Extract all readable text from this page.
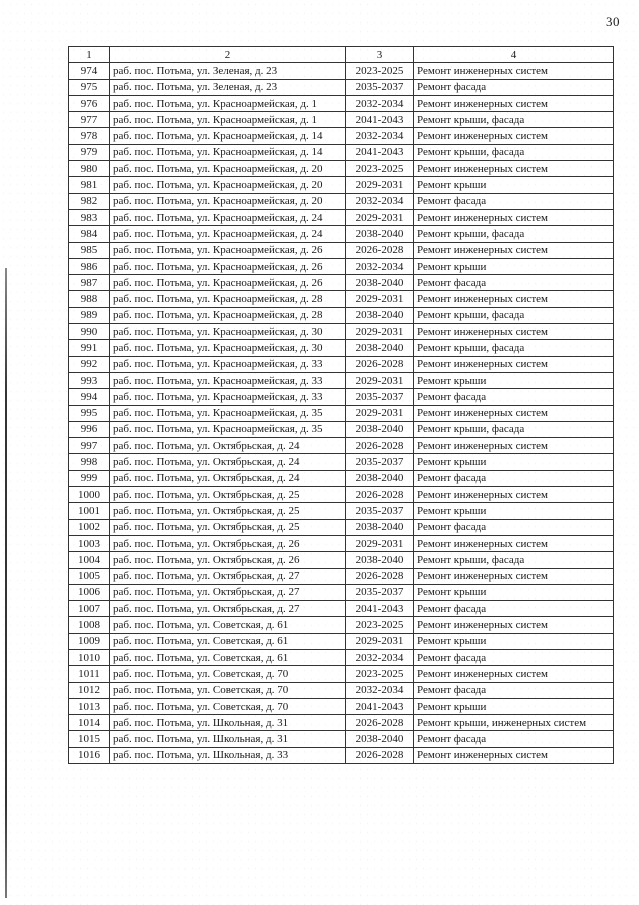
30
1	2	3	4
974	раб. пос. Потьма, ул. Зеленая, д. 23	2023-2025	Ремонт инженерных систем
975	раб. пос. Потьма, ул. Зеленая, д. 23	2035-2037	Ремонт фасада
976	раб. пос. Потьма, ул. Красноармейская, д. 1	2032-2034	Ремонт инженерных систем
977	раб. пос. Потьма, ул. Красноармейская, д. 1	2041-2043	Ремонт крыши, фасада
978	раб. пос. Потьма, ул. Красноармейская, д. 14	2032-2034	Ремонт инженерных систем
979	раб. пос. Потьма, ул. Красноармейская, д. 14	2041-2043	Ремонт крыши, фасада
980	раб. пос. Потьма, ул. Красноармейская, д. 20	2023-2025	Ремонт инженерных систем
981	раб. пос. Потьма, ул. Красноармейская, д. 20	2029-2031	Ремонт крыши
982	раб. пос. Потьма, ул. Красноармейская, д. 20	2032-2034	Ремонт фасада
983	раб. пос. Потьма, ул. Красноармейская, д. 24	2029-2031	Ремонт инженерных систем
984	раб. пос. Потьма, ул. Красноармейская, д. 24	2038-2040	Ремонт крыши, фасада
985	раб. пос. Потьма, ул. Красноармейская, д. 26	2026-2028	Ремонт инженерных систем
986	раб. пос. Потьма, ул. Красноармейская, д. 26	2032-2034	Ремонт крыши
987	раб. пос. Потьма, ул. Красноармейская, д. 26	2038-2040	Ремонт фасада
988	раб. пос. Потьма, ул. Красноармейская, д. 28	2029-2031	Ремонт инженерных систем
989	раб. пос. Потьма, ул. Красноармейская, д. 28	2038-2040	Ремонт крыши, фасада
990	раб. пос. Потьма, ул. Красноармейская, д. 30	2029-2031	Ремонт инженерных систем
991	раб. пос. Потьма, ул. Красноармейская, д. 30	2038-2040	Ремонт крыши, фасада
992	раб. пос. Потьма, ул. Красноармейская, д. 33	2026-2028	Ремонт инженерных систем
993	раб. пос. Потьма, ул. Красноармейская, д. 33	2029-2031	Ремонт крыши
994	раб. пос. Потьма, ул. Красноармейская, д. 33	2035-2037	Ремонт фасада
995	раб. пос. Потьма, ул. Красноармейская, д. 35	2029-2031	Ремонт инженерных систем
996	раб. пос. Потьма, ул. Красноармейская, д. 35	2038-2040	Ремонт крыши, фасада
997	раб. пос. Потьма, ул. Октябрьская, д. 24	2026-2028	Ремонт инженерных систем
998	раб. пос. Потьма, ул. Октябрьская, д. 24	2035-2037	Ремонт крыши
999	раб. пос. Потьма, ул. Октябрьская, д. 24	2038-2040	Ремонт фасада
1000	раб. пос. Потьма, ул. Октябрьская, д. 25	2026-2028	Ремонт инженерных систем
1001	раб. пос. Потьма, ул. Октябрьская, д. 25	2035-2037	Ремонт крыши
1002	раб. пос. Потьма, ул. Октябрьская, д. 25	2038-2040	Ремонт фасада
1003	раб. пос. Потьма, ул. Октябрьская, д. 26	2029-2031	Ремонт инженерных систем
1004	раб. пос. Потьма, ул. Октябрьская, д. 26	2038-2040	Ремонт крыши, фасада
1005	раб. пос. Потьма, ул. Октябрьская, д. 27	2026-2028	Ремонт инженерных систем
1006	раб. пос. Потьма, ул. Октябрьская, д. 27	2035-2037	Ремонт крыши
1007	раб. пос. Потьма, ул. Октябрьская, д. 27	2041-2043	Ремонт фасада
1008	раб. пос. Потьма, ул. Советская, д. 61	2023-2025	Ремонт инженерных систем
1009	раб. пос. Потьма, ул. Советская, д. 61	2029-2031	Ремонт крыши
1010	раб. пос. Потьма, ул. Советская, д. 61	2032-2034	Ремонт фасада
1011	раб. пос. Потьма, ул. Советская, д. 70	2023-2025	Ремонт инженерных систем
1012	раб. пос. Потьма, ул. Советская, д. 70	2032-2034	Ремонт фасада
1013	раб. пос. Потьма, ул. Советская, д. 70	2041-2043	Ремонт крыши
1014	раб. пос. Потьма, ул. Школьная, д. 31	2026-2028	Ремонт крыши, инженерных систем
1015	раб. пос. Потьма, ул. Школьная, д. 31	2038-2040	Ремонт фасада
1016	раб. пос. Потьма, ул. Школьная, д. 33	2026-2028	Ремонт инженерных систем
